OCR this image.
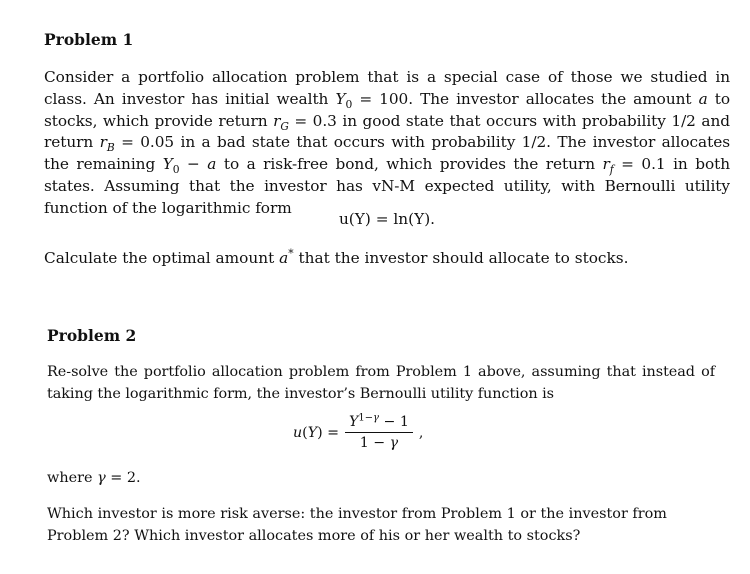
Problem 1

Consider a portfolio allocation problem that is a special case of those we studied in class. An investor has initial wealth $Y_0 = 100$. The investor allocates the amount a to stocks, which provide return $r_G = 0.3$ in good state that occurs with probability 1/2 and return $r_B = 0.05$ in a bad state that occurs with probability 1/2. The investor allocates the remaining $Y_0 - a$ to a risk-free bond, which provides the return $r_f = 0.1$ in both states. Assuming that the investor has vN-M expected utility, with Bernoulli utility function of the logarithmic form

u(Y) = ln(Y).

Calculate the optimal amount a* that the investor should allocate to stocks.

Problem 2

Re-solve the portfolio allocation problem from Problem 1 above, assuming that instead of taking the logarithmic form, the investor’s Bernoulli utility function is

$u(Y) = \frac{Y^{1-\gamma} - 1}{1 - \gamma}$ ,

where γ = 2.

Which investor is more risk averse: the investor from Problem 1 or the investor from Problem 2? Which investor allocates more of his or her wealth to stocks?
